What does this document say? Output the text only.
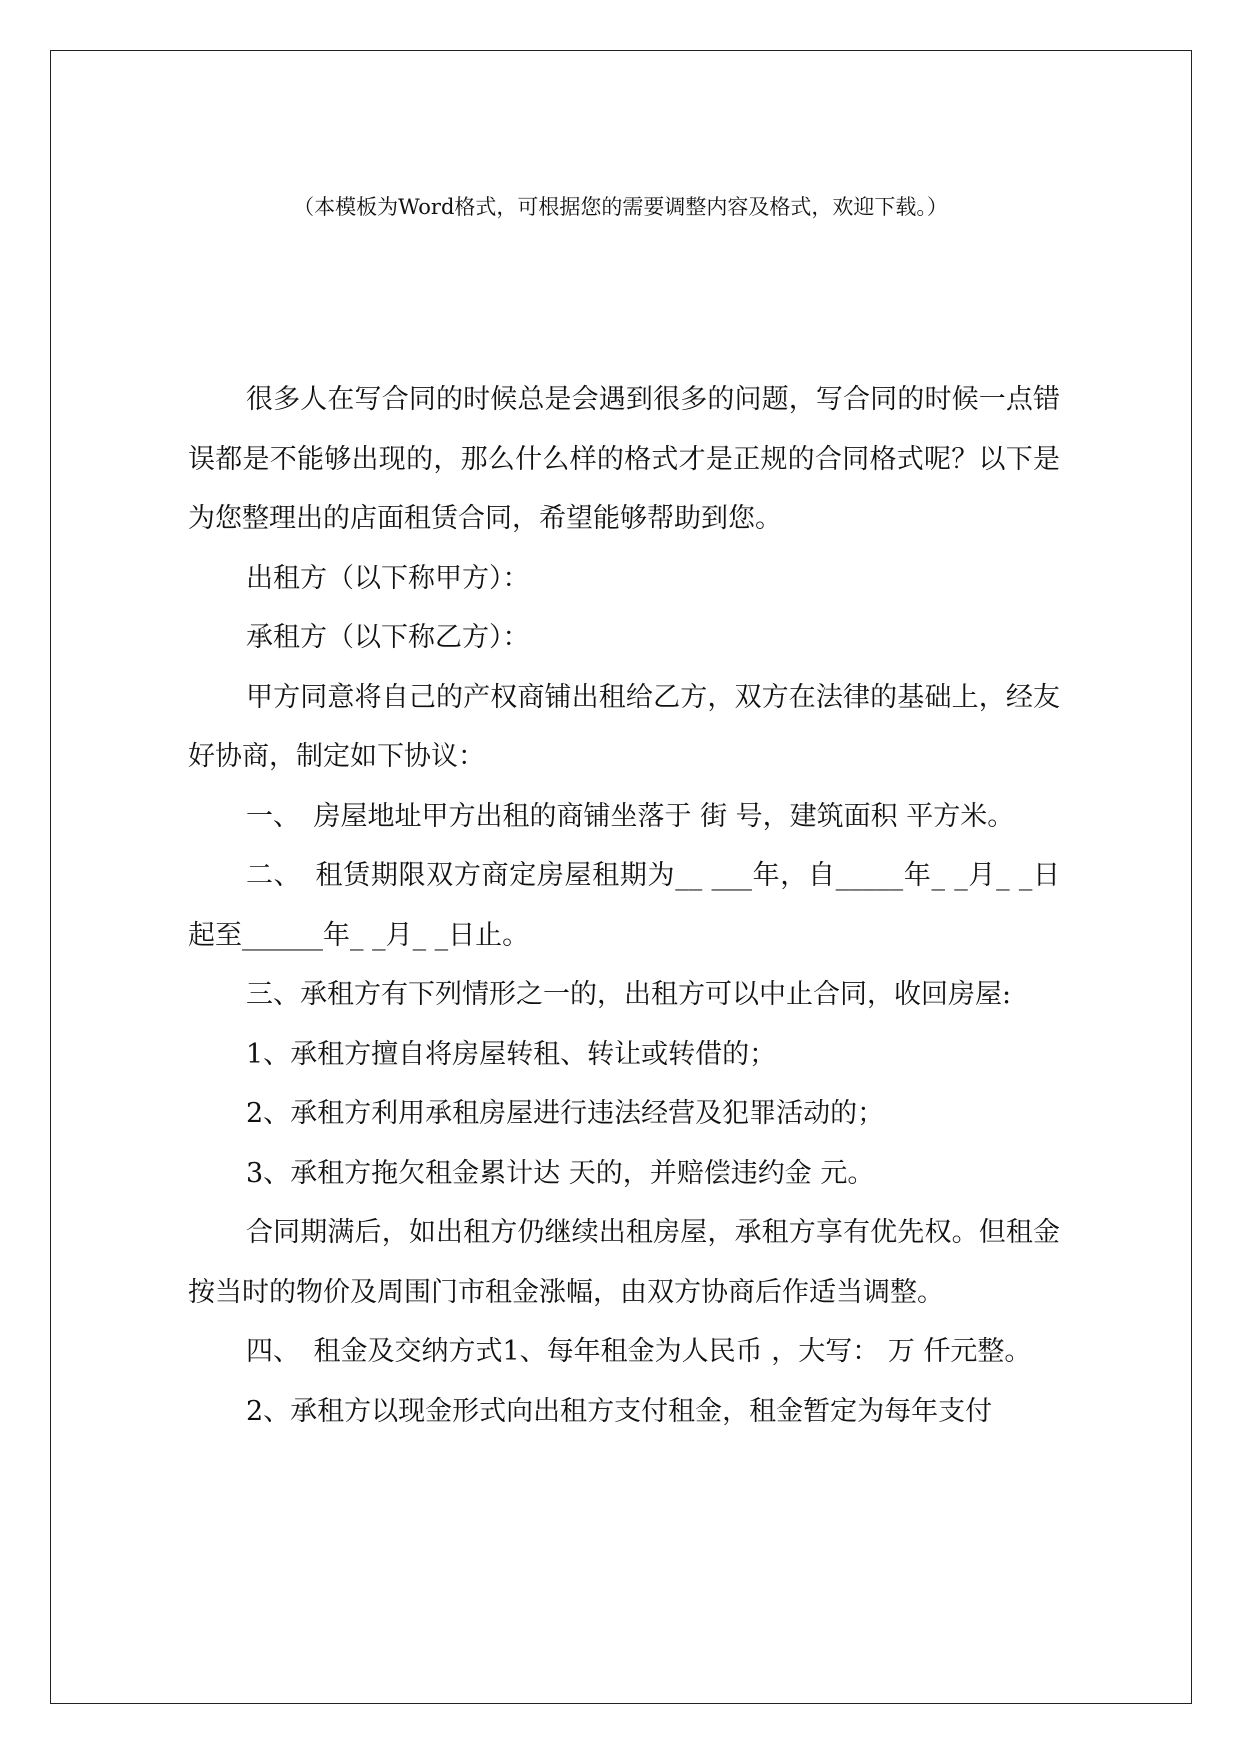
（本模板为Word格式，可根据您的需要调整内容及格式，欢迎下载。）

很多人在写合同的时候总是会遇到很多的问题，写合同的时候一点错误都是不能够出现的，那么什么样的格式才是正规的合同格式呢？以下是为您整理出的店面租赁合同，希望能够帮助到您。

出租方（以下称甲方）：

承租方（以下称乙方）：

甲方同意将自己的产权商铺出租给乙方，双方在法律的基础上，经友好协商，制定如下协议：

一、　房屋地址甲方出租的商铺坐落于 街 号，建筑面积 平方米。

二、　租赁期限双方商定房屋租期为__ ___年，自_____年_ _月_ _日起至______年_ _月_ _日止。

三、承租方有下列情形之一的，出租方可以中止合同，收回房屋:

1、承租方擅自将房屋转租、转让或转借的；

2、承租方利用承租房屋进行违法经营及犯罪活动的；

3、承租方拖欠租金累计达 天的，并赔偿违约金 元。

合同期满后，如出租方仍继续出租房屋，承租方享有优先权。但租金按当时的物价及周围门市租金涨幅，由双方协商后作适当调整。

四、　租金及交纳方式1、每年租金为人民币 ，大写： 万 仟元整。

2、承租方以现金形式向出租方支付租金，租金暂定为每年支付
